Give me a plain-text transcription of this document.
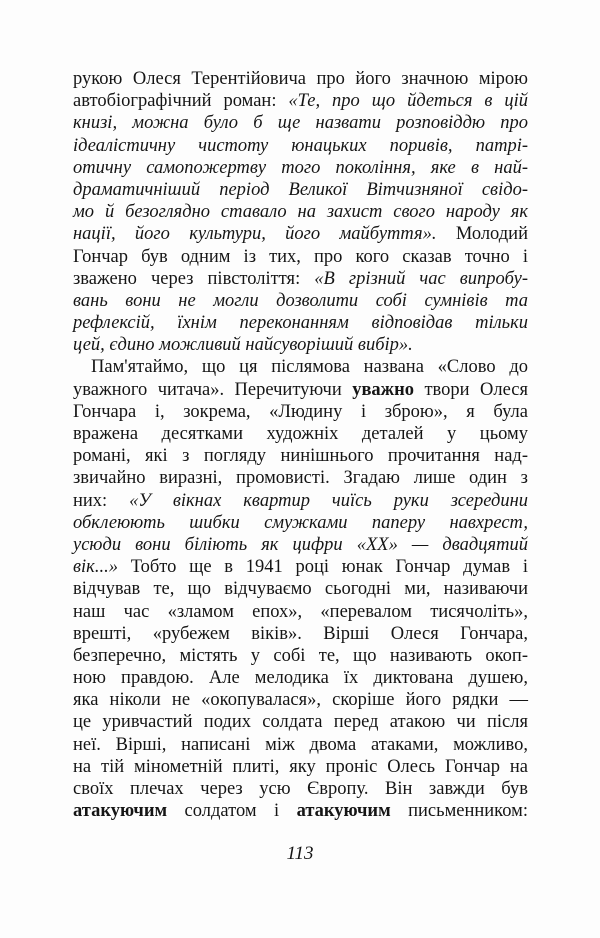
рукою Олеся Терентійовича про його значною мірою
автобіографічний роман: «Те, про що йдеться в цій
книзі, можна було б ще назвати розповіддю про
ідеалістичну чистоту юнацьких поривів, патрі-
отичну самопожертву того покоління, яке в най-
драматичніший період Великої Вітчизняної свідо-
мо й безоглядно ставало на захист свого народу як
нації, його культури, його майбуття». Молодий
Гончар був одним із тих, про кого сказав точно і
зважено через півстоліття: «В грізний час випробу-
вань вони не могли дозволити собі сумнівів та
рефлексій, їхнім переконанням відповідав тільки
цей, єдино можливий найсуворіший вибір».
Пам'ятаймо, що ця післямова названа «Слово до
уважного читача». Перечитуючи уважно твори Олеся
Гончара і, зокрема, «Людину і зброю», я була
вражена десятками художніх деталей у цьому
романі, які з погляду нинішнього прочитання над-
звичайно виразні, промовисті. Згадаю лише один з
них: «У вікнах квартир чиїсь руки зсередини
обклеюють шибки смужками паперу навхрест,
усюди вони біліють як цифри «XX» — двадцятий
вік...» Тобто ще в 1941 році юнак Гончар думав і
відчував те, що відчуваємо сьогодні ми, називаючи
наш час «зламом епох», «перевалом тисячоліть»,
врешті, «рубежем віків». Вірші Олеся Гончара,
безперечно, містять у собі те, що називають окоп-
ною правдою. Але мелодика їх диктована душею,
яка ніколи не «окопувалася», скоріше його рядки —
це уривчастий подих солдата перед атакою чи після
неї. Вірші, написані між двома атаками, можливо,
на тій мінометній плиті, яку проніс Олесь Гончар на
своїх плечах через усю Європу. Він завжди був
атакуючим солдатом і атакуючим письменником:
113
